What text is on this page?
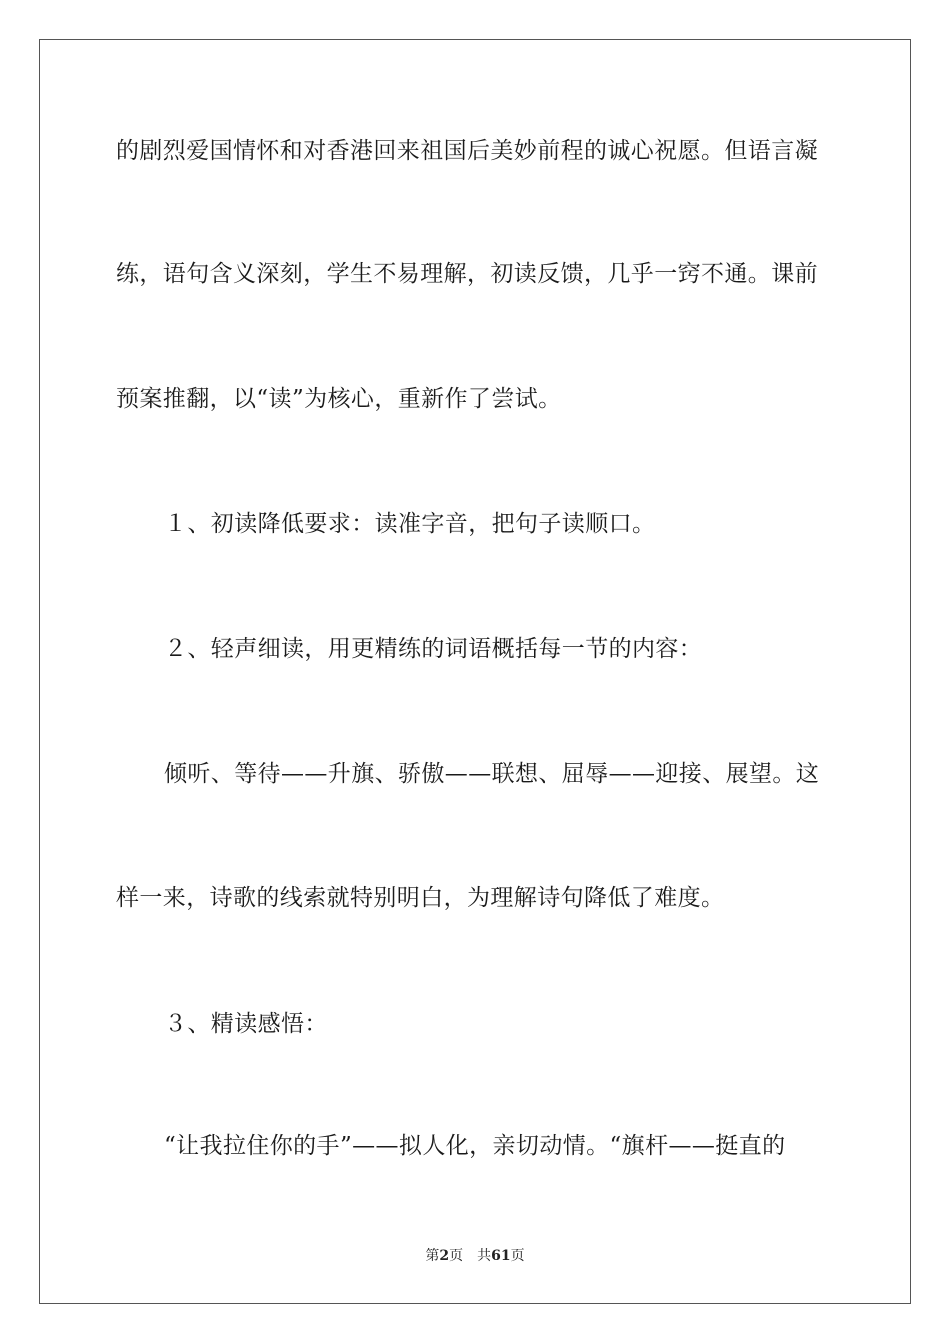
的剧烈爱国情怀和对香港回来祖国后美妙前程的诚心祝愿。但语言凝
练，语句含义深刻，学生不易理解，初读反馈，几乎一窍不通。课前
预案推翻，以“读”为核心，重新作了尝试。
１、初读降低要求：读准字音，把句子读顺口。
２、轻声细读，用更精练的词语概括每一节的内容：
倾听、等待——升旗、骄傲——联想、屈辱——迎接、展望。这
样一来，诗歌的线索就特别明白，为理解诗句降低了难度。
３、精读感悟：
“让我拉住你的手”——拟人化，亲切动情。“旗杆——挺直的
第2页 共61页
